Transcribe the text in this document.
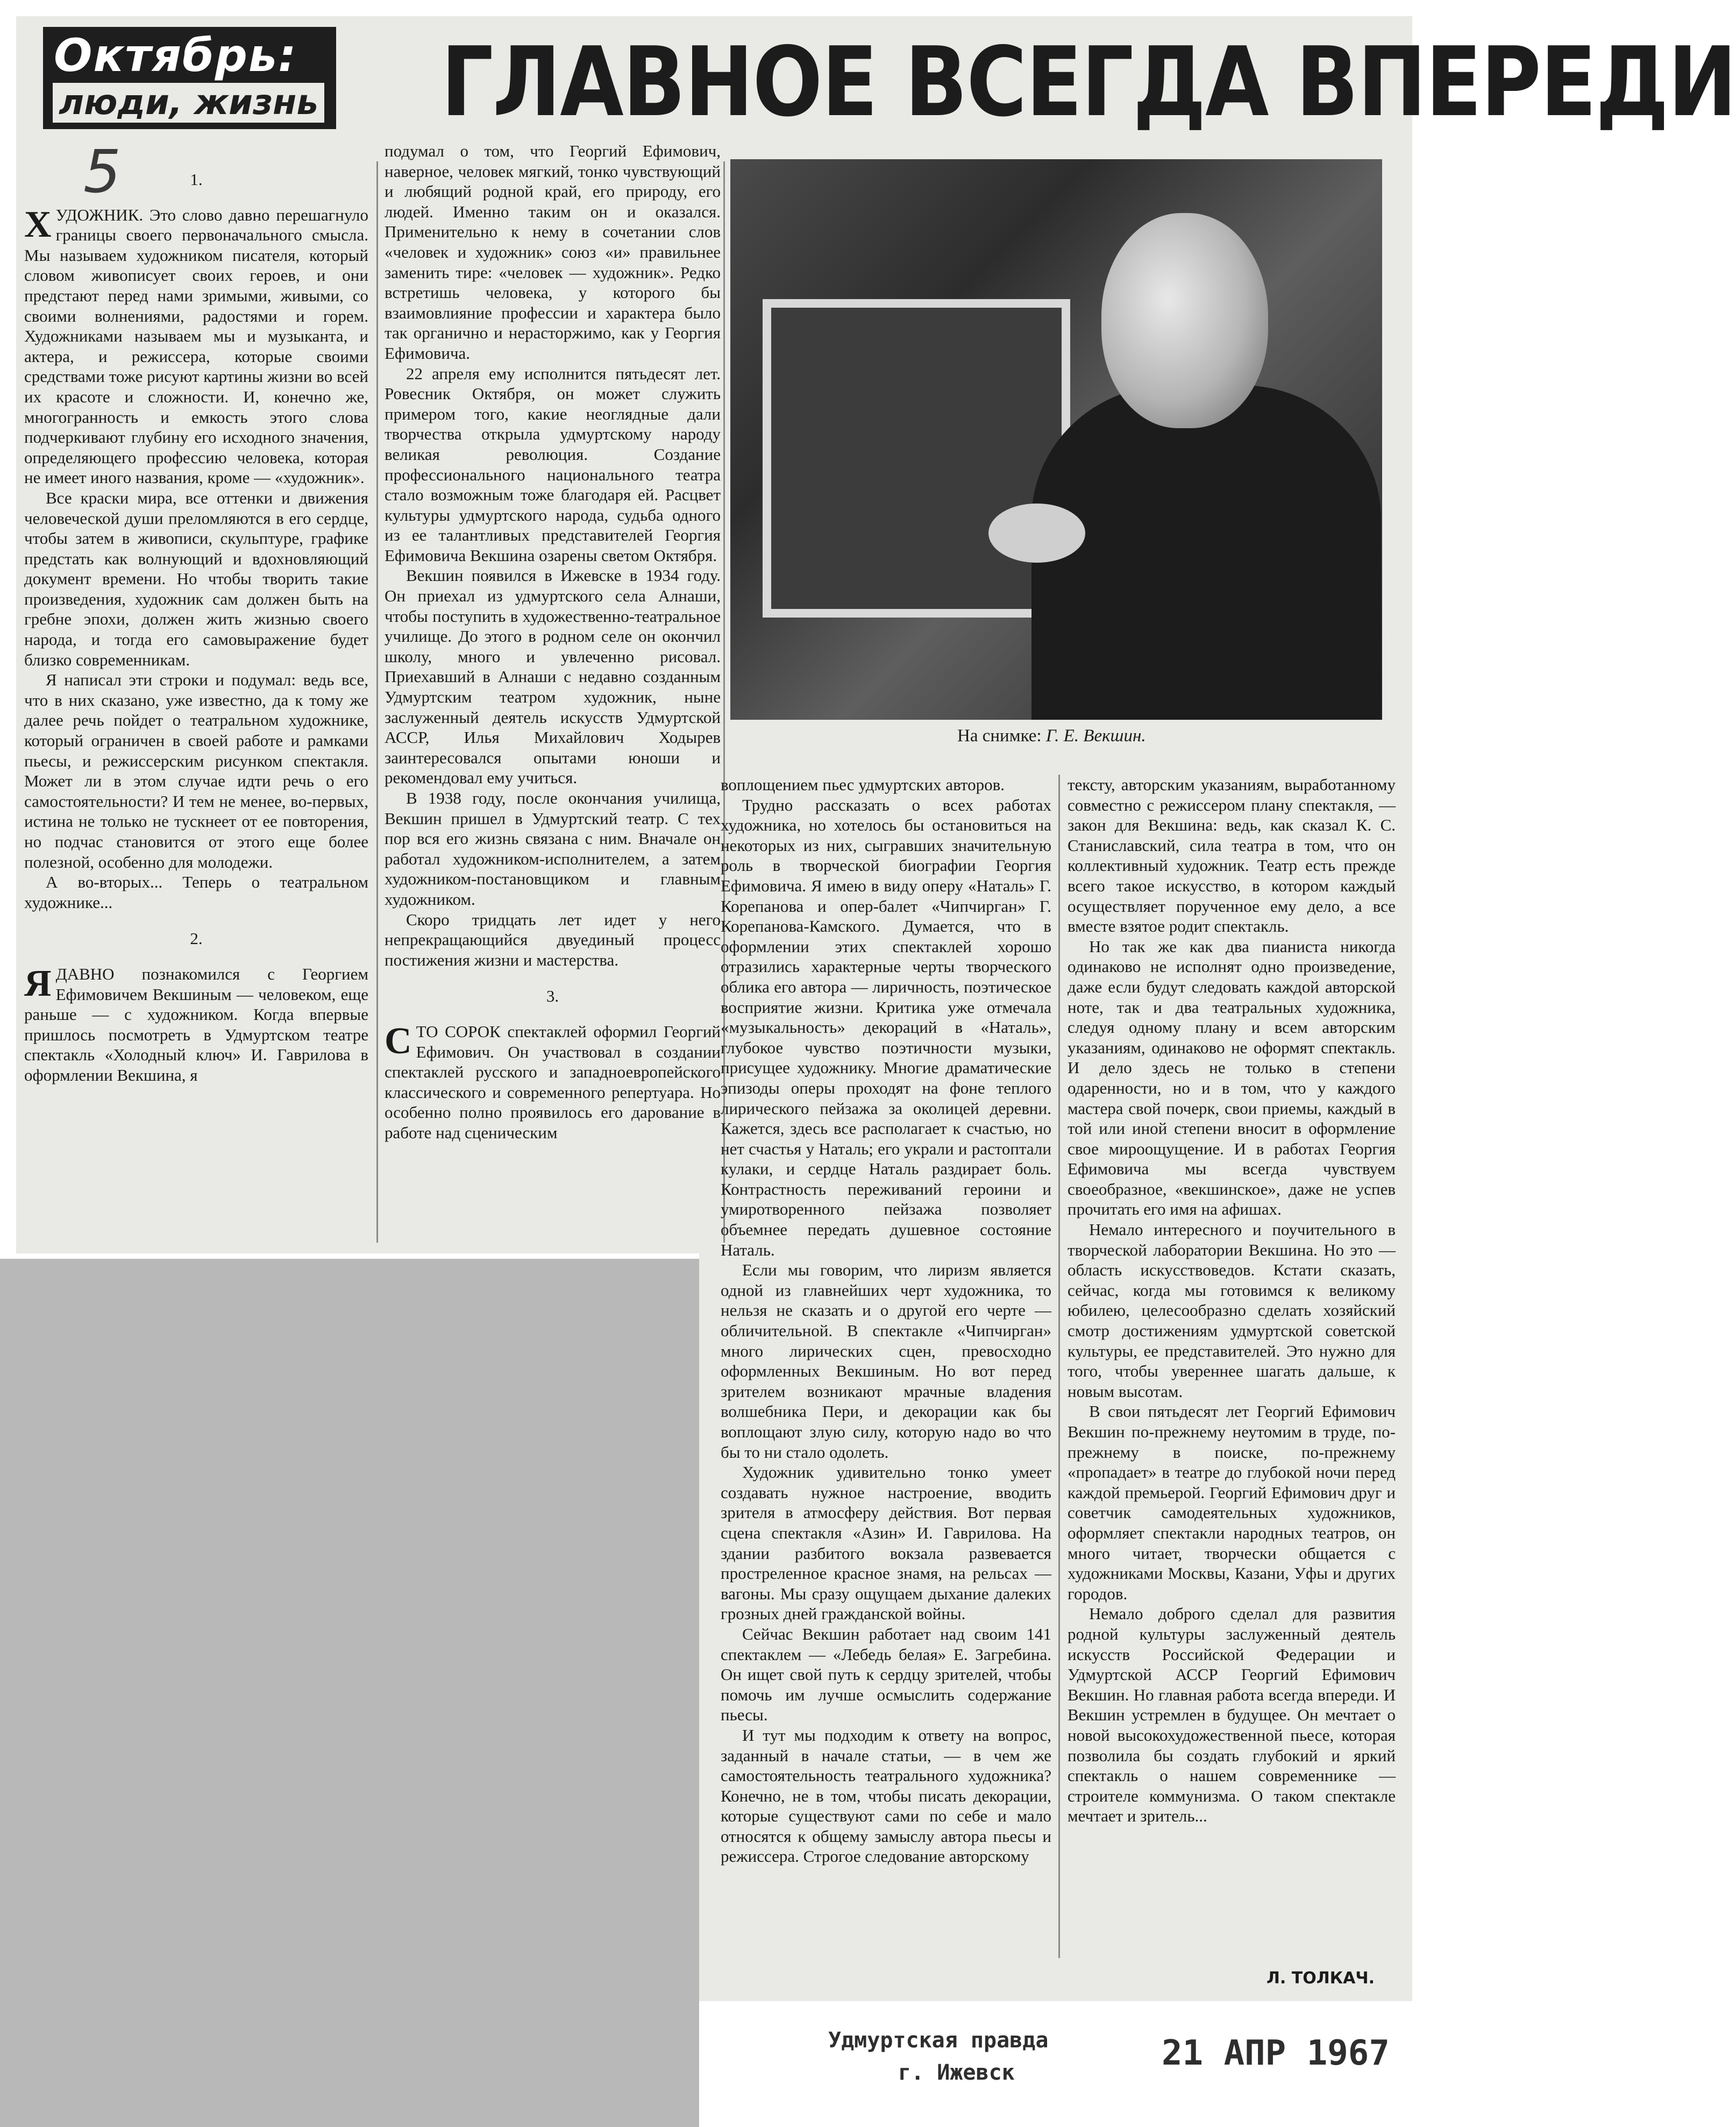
Октябрь:
люди, жизнь ГЛАВНОЕ ВСЕГДА ВПЕРЕДИ
5	1.

ХУДОЖНИК. Это слово давно перешагнуло границы своего первоначального смысла. Мы называем художником писателя, который словом живописует своих героев, и они предстают перед нами зримыми, живыми, со своими волнениями, радостями и горем. Художниками называем мы и музыканта, и актера, и режиссера, которые своими средствами тоже рисуют картины жизни во всей их красоте и сложности. И, конечно же, многогранность и емкость этого слова подчеркивают глубину его исходного значения, определяющего профессию человека, которая не имеет иного названия, кроме — «художник».

Все краски мира, все оттенки и движения человеческой души преломляются в его сердце, чтобы затем в живописи, скульптуре, графике предстать как волнующий и вдохновляющий документ времени. Но чтобы творить такие произведения, художник сам должен быть на гребне эпохи, должен жить жизнью своего народа, и тогда его самовыражение будет близко современникам.

Я написал эти строки и подумал: ведь все, что в них сказано, уже известно, да к тому же далее речь пойдет о театральном художнике, который ограничен в своей работе и рамками пьесы, и режиссерским рисунком спектакля. Может ли в этом случае идти речь о его самостоятельности? И тем не менее, во-первых, истина не только не тускнеет от ее повторения, но подчас становится от этого еще более полезной, особенно для молодежи.

А во-вторых... Теперь о театральном художнике...

2.

ЯДАВНО познакомился с Георгием Ефимовичем Векшиным — человеком, еще раньше — с художником. Когда впервые пришлось посмотреть в Удмуртском театре спектакль «Холодный ключ» И. Гаврилова в оформлении Векшина, я

подумал о том, что Георгий Ефимович, наверное, человек мягкий, тонко чувствующий и любящий родной край, его природу, его людей. Именно таким он и оказался. Применительно к нему в сочетании слов «человек и художник» союз «и» правильнее заменить тире: «человек — художник». Редко встретишь человека, у которого бы взаимовлияние профессии и характера было так органично и нерасторжимо, как у Георгия Ефимовича.

22 апреля ему исполнится пятьдесят лет. Ровесник Октября, он может служить примером того, какие неоглядные дали творчества открыла удмуртскому народу великая революция. Создание профессионального национального театра стало возможным тоже благодаря ей. Расцвет культуры удмуртского народа, судьба одного из ее талантливых представителей Георгия Ефимовича Векшина озарены светом Октября.

Векшин появился в Ижевске в 1934 году. Он приехал из удмуртского села Алнаши, чтобы поступить в художественно-театральное училище. До этого в родном селе он окончил школу, много и увлеченно рисовал. Приехавший в Алнаши с недавно созданным Удмуртским театром художник, ныне заслуженный деятель искусств Удмуртской АССР, Илья Михайлович Ходырев заинтересовался опытами юноши и рекомендовал ему учиться.

В 1938 году, после окончания училища, Векшин пришел в Удмуртский театр. С тех пор вся его жизнь связана с ним. Вначале он работал художником-исполнителем, а затем художником-постановщиком и главным художником.

Скоро тридцать лет идет у него непрекращающийся двуединый процесс постижения жизни и мастерства.

3.

СТО СОРОК спектаклей оформил Георгий Ефимович. Он участвовал в создании спектаклей русского и западноевропейского классического и современного репертуара. Но особенно полно проявилось его дарование в работе над сценическим

На снимке: Г. Е. Векшин.

воплощением пьес удмуртских авторов.

Трудно рассказать о всех работах художника, но хотелось бы остановиться на некоторых из них, сыгравших значительную роль в творческой биографии Георгия Ефимовича. Я имею в виду оперу «Наталь» Г. Корепанова и опер-балет «Чипчирган» Г. Корепанова-Камского. Думается, что в оформлении этих спектаклей хорошо отразились характерные черты творческого облика его автора — лиричность, поэтическое восприятие жизни. Критика уже отмечала «музыкальность» декораций в «Наталь», глубокое чувство поэтичности музыки, присущее художнику. Многие драматические эпизоды оперы проходят на фоне теплого лирического пейзажа за околицей деревни. Кажется, здесь все располагает к счастью, но нет счастья у Наталь; его украли и растоптали кулаки, и сердце Наталь раздирает боль. Контрастность переживаний героини и умиротворенного пейзажа позволяет объемнее передать душевное состояние Наталь.

Если мы говорим, что лиризм является одной из главнейших черт художника, то нельзя не сказать и о другой его черте — обличительной. В спектакле «Чипчирган» много лирических сцен, превосходно оформленных Векшиным. Но вот перед зрителем возникают мрачные владения волшебника Пери, и декорации как бы воплощают злую силу, которую надо во что бы то ни стало одолеть.

Художник удивительно тонко умеет создавать нужное настроение, вводить зрителя в атмосферу действия. Вот первая сцена спектакля «Азин» И. Гаврилова. На здании разбитого вокзала развевается простреленное красное знамя, на рельсах — вагоны. Мы сразу ощущаем дыхание далеких грозных дней гражданской войны.

Сейчас Векшин работает над своим 141 спектаклем — «Лебедь белая» Е. Загребина. Он ищет свой путь к сердцу зрителей, чтобы помочь им лучше осмыслить содержание пьесы.

И тут мы подходим к ответу на вопрос, заданный в начале статьи, — в чем же самостоятельность театрального художника? Конечно, не в том, чтобы писать декорации, которые существуют сами по себе и мало относятся к общему замыслу автора пьесы и режиссера. Строгое следование авторскому

тексту, авторским указаниям, выработанному совместно с режиссером плану спектакля, — закон для Векшина: ведь, как сказал К. С. Станиславский, сила театра в том, что он коллективный художник. Театр есть прежде всего такое искусство, в котором каждый осуществляет порученное ему дело, а все вместе взятое родит спектакль.

Но так же как два пианиста никогда одинаково не исполнят одно произведение, даже если будут следовать каждой авторской ноте, так и два театральных художника, следуя одному плану и всем авторским указаниям, одинаково не оформят спектакль. И дело здесь не только в степени одаренности, но и в том, что у каждого мастера свой почерк, свои приемы, каждый в той или иной степени вносит в оформление свое мироощущение. И в работах Георгия Ефимовича мы всегда чувствуем своеобразное, «векшинское», даже не успев прочитать его имя на афишах.

Немало интересного и поучительного в творческой лаборатории Векшина. Но это — область искусствоведов. Кстати сказать, сейчас, когда мы готовимся к великому юбилею, целесообразно сделать хозяйский смотр достижениям удмуртской советской культуры, ее представителей. Это нужно для того, чтобы увереннее шагать дальше, к новым высотам.

В свои пятьдесят лет Георгий Ефимович Векшин по-прежнему неутомим в труде, по-прежнему в поиске, по-прежнему «пропадает» в театре до глубокой ночи перед каждой премьерой. Георгий Ефимович друг и советчик самодеятельных художников, оформляет спектакли народных театров, он много читает, творчески общается с художниками Москвы, Казани, Уфы и других городов.

Немало доброго сделал для развития родной культуры заслуженный деятель искусств Российской Федерации и Удмуртской АССР Георгий Ефимович Векшин. Но главная работа всегда впереди. И Векшин устремлен в будущее. Он мечтает о новой высокохудожественной пьесе, которая позволила бы создать глубокий и яркий спектакль о нашем современнике — строителе коммунизма. О таком спектакле мечтает и зритель...

Л. ТОЛКАЧ.
Удмуртская правда
г. Ижевск	21 АПР 1967
